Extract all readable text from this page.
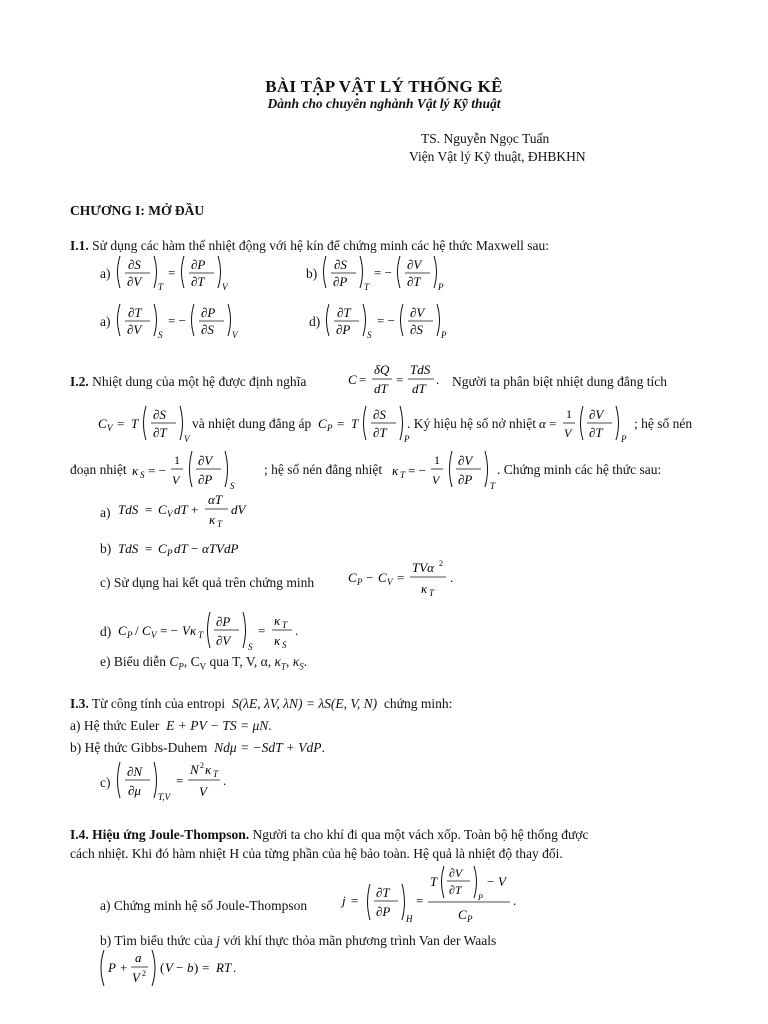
BÀI TẬP VẬT LÝ THỐNG KÊ
Dành cho chuyên nghành Vật lý Kỹ thuật
TS. Nguyễn Ngọc Tuấn
Viện Vật lý Kỹ thuật, ĐHBKHN
CHƯƠNG I: MỞ ĐẦU
I.1. Sử dụng các hàm thế nhiệt động với hệ kín để chứng minh các hệ thức Maxwell sau:
a)
∂S
∂V T
=
∂P
∂T V
b)
∂S
∂P T
= −
∂V
∂T P
a)
∂T
∂V S
= −
∂P
∂S V
d)
∂T
∂P S
= −
∂V
∂S P
I.2. Nhiệt dung của một hệ được định nghĩa	C =
δQ
dT
=
TdS
dT
. Người ta phân biệt nhiệt dung đẳng tích
C V = T
∂S
∂T V
và nhiệt dung đẳng áp C P = T
∂S
∂T P
. Ký hiệu hệ số nở nhiệt α =
1
V
∂V
∂T P
; hệ số nén
đoạn nhiệt κ S = −
1
V
∂V
∂P S
; hệ số nén đẳng nhiệt κ T = −
1
V
∂V
∂P T
. Chứng minh các hệ thức sau:
a) TdS = C V dT +
αT
κ T
dV
b) TdS = C P dT − αTVdP
c) Sử dụng hai kết quả trên chứng minh	C P − C V =
TVα 2
κ T
.
d) C P / C V = − Vκ T
∂P
∂V S
=
κ T
κ S
.
e) Biểu diễn $C_P$, $C_V$ qua T, V, α, $\kappa_T$, $\kappa_S$.
I.3. Từ công tính của entropi  S(λE, λV, λN) = λS(E, V, N)  chứng minh:
a) Hệ thức Euler  E + PV − TS = μN.
b) Hệ thức Gibbs-Duhem  Ndμ = −SdT + VdP.
c)
∂N
∂μ T,V
=
N 2 κ T
V
.
I.4. Hiệu ứng Joule-Thompson. Người ta cho khí đi qua một vách xốp. Toàn bộ hệ thống được
cách nhiệt. Khi đó hàm nhiệt H của từng phần của hệ bảo toàn. Hệ quả là nhiệt độ thay đổi.
a) Chứng minh hệ số Joule-Thompson	j =
∂T
∂P H
=
T
∂V
∂T
P
− V
C P
.
b) Tìm biểu thức của j với khí thực thỏa mãn phương trình Van der Waals
P +
a
V 2 ( V − b ) = RT .
